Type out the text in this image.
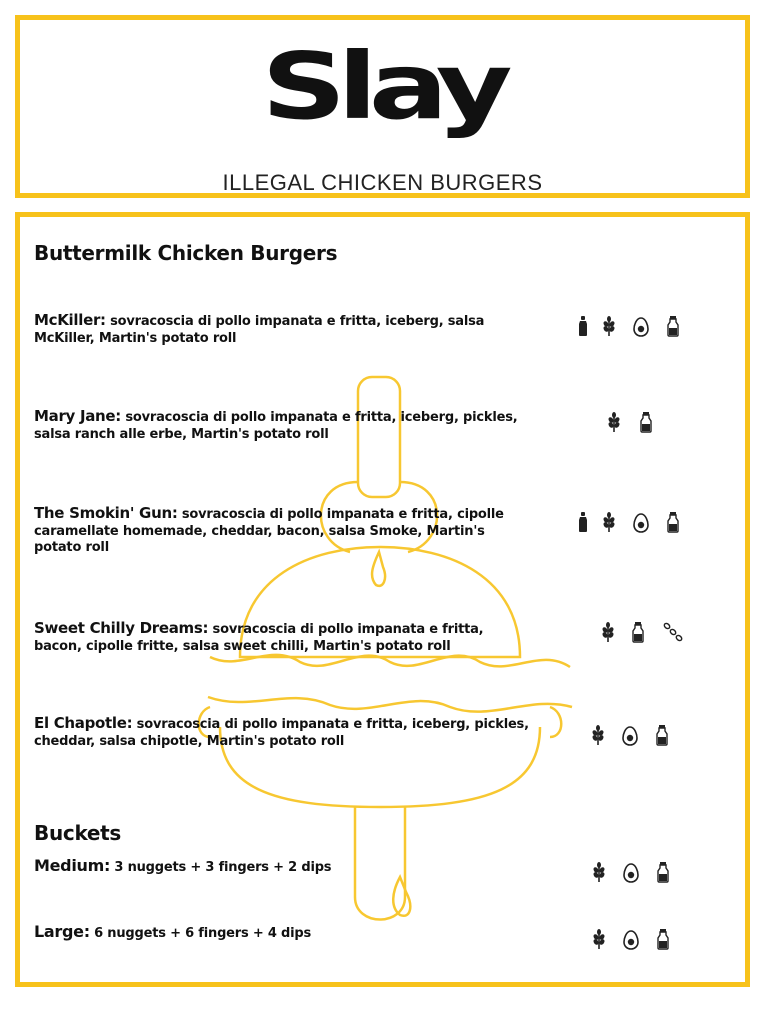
Slay
ILLEGAL CHICKEN BURGERS
Buttermilk Chicken Burgers
McKiller: sovracoscia di pollo impanata e fritta, iceberg, salsa McKiller, Martin's potato roll
Mary Jane: sovracoscia di pollo impanata e fritta, iceberg, pickles, salsa ranch alle erbe, Martin's potato roll
The Smokin' Gun: sovracoscia di pollo impanata e fritta, cipolle caramellate homemade, cheddar, bacon, salsa Smoke, Martin's potato roll
Sweet Chilly Dreams: sovracoscia di pollo impanata e fritta, bacon, cipolle fritte, salsa sweet chilli, Martin's potato roll
El Chapotle: sovracoscia di pollo impanata e fritta, iceberg, pickles, cheddar, salsa chipotle, Martin's potato roll
Buckets
Medium: 3 nuggets + 3 fingers + 2 dips
Large: 6 nuggets + 6 fingers + 4 dips
